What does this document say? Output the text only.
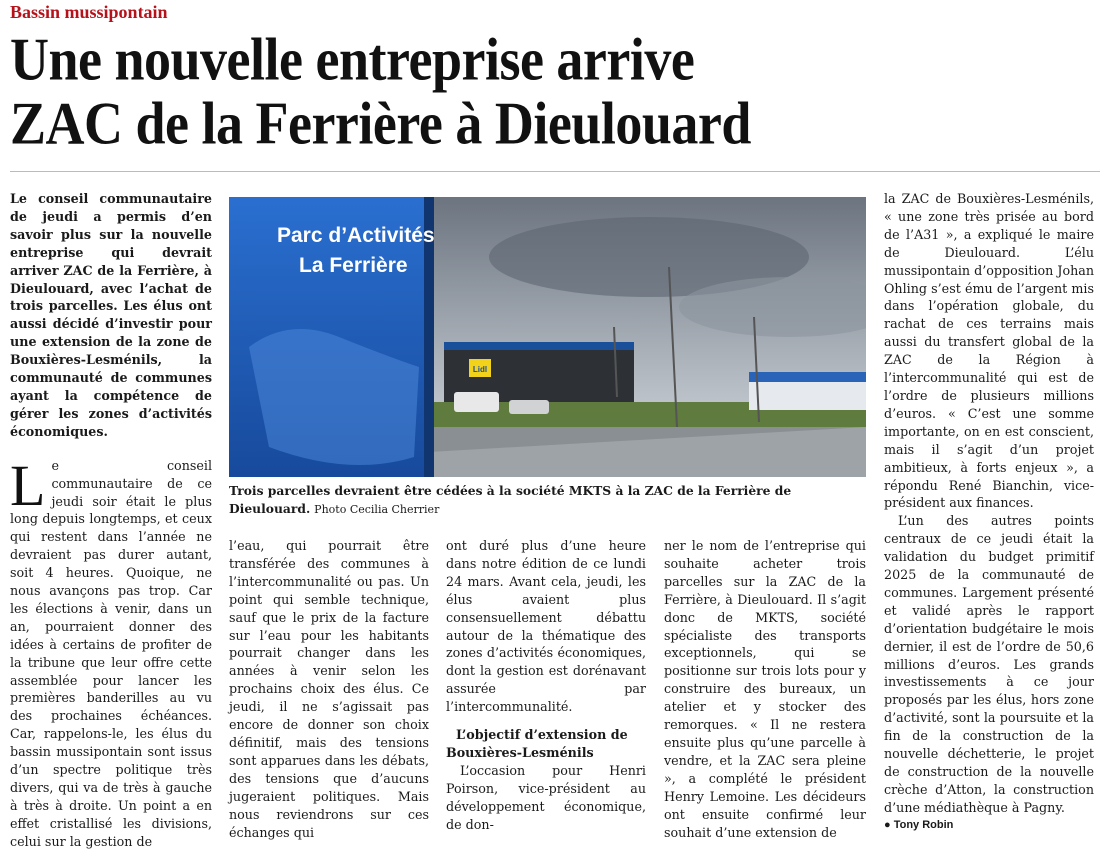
Bassin mussipontain
Une nouvelle entreprise arrive
ZAC de la Ferrière à Dieulouard

Le conseil communautaire de jeudi a permis d’en savoir plus sur la nouvelle entreprise qui devrait arriver ZAC de la Ferrière, à Dieulouard, avec l’achat de trois parcelles. Les élus ont aussi décidé d’investir pour une extension de la zone de Bouxières-Lesménils, la communauté de communes ayant la compétence de gérer les zones d’activités économiques.

Le conseil communautaire de ce jeudi soir était le plus long depuis longtemps, et ceux qui restent dans l’année ne devraient pas durer autant, soit 4 heures. Quoique, ne nous avançons pas trop. Car les élections à venir, dans un an, pourraient donner des idées à certains de profiter de la tribune que leur offre cette assemblée pour lancer les premières banderilles au vu des prochaines échéances. Car, rappelons-le, les élus du bassin mussipontain sont issus d’un spectre politique très divers, qui va de très à gauche à très à droite. Un point a en effet cristallisé les divisions, celui sur la gestion de

Lidl
Parc d’Activités
La Ferrière
Trois parcelles devraient être cédées à la société MKTS à la ZAC de la Ferrière de Dieulouard. Photo Cecilia Cherrier

l’eau, qui pourrait être transférée des communes à l’intercommunalité ou pas. Un point qui semble technique, sauf que le prix de la facture sur l’eau pour les habitants pourrait changer dans les années à venir selon les prochains choix des élus. Ce jeudi, il ne s’agissait pas encore de donner son choix définitif, mais des tensions sont apparues dans les débats, des tensions que d’aucuns jugeraient politiques. Mais nous reviendrons sur ces échanges qui

ont duré plus d’une heure dans notre édition de ce lundi 24 mars. Avant cela, jeudi, les élus avaient plus consensuellement débattu autour de la thématique des zones d’activités économiques, dont la gestion est dorénavant assurée par l’intercommunalité.

L’objectif d’extension de Bouxières-Lesménils

L’occasion pour Henri Poirson, vice-président au développement économique, de don-

ner le nom de l’entreprise qui souhaite acheter trois parcelles sur la ZAC de la Ferrière, à Dieulouard. Il s’agit donc de MKTS, société spécialiste des transports exceptionnels, qui se positionne sur trois lots pour y construire des bureaux, un atelier et y stocker des remorques. « Il ne restera ensuite plus qu’une parcelle à vendre, et la ZAC sera pleine », a complété le président Henry Lemoine. Les décideurs ont ensuite confirmé leur souhait d’une extension de

la ZAC de Bouxières-Lesménils, « une zone très prisée au bord de l’A31 », a expliqué le maire de Dieulouard. L’élu mussipontain d’opposition Johan Ohling s’est ému de l’argent mis dans l’opération globale, du rachat de ces terrains mais aussi du transfert global de la ZAC de la Région à l’intercommunalité qui est de l’ordre de plusieurs millions d’euros. « C’est une somme importante, on en est conscient, mais il s’agit d’un projet ambitieux, à forts enjeux », a répondu René Bianchin, vice-président aux finances.

L’un des autres points centraux de ce jeudi était la validation du budget primitif 2025 de la communauté de communes. Largement présenté et validé après le rapport d’orientation budgétaire le mois dernier, il est de l’ordre de 50,6 millions d’euros. Les grands investissements à ce jour proposés par les élus, hors zone d’activité, sont la poursuite et la fin de la construction de la nouvelle déchetterie, le projet de construction de la nouvelle crèche d’Atton, la construction d’une médiathèque à Pagny.

● Tony Robin
